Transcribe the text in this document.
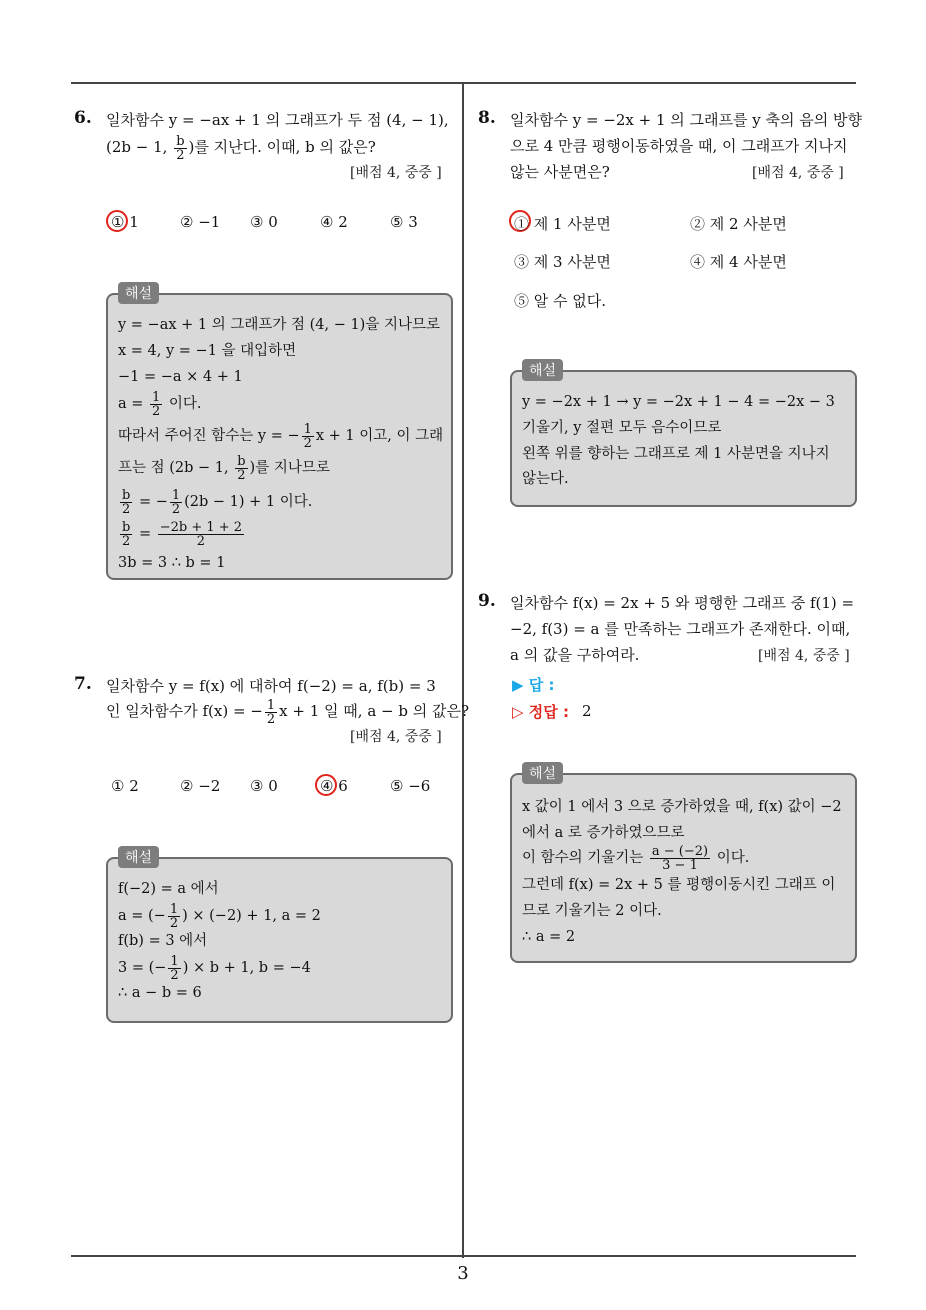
6. 일차함수 y = −ax + 1 의 그래프가 두 점 (4, − 1),
(2b − 1, $\frac{b}{2}$ )를 지난다. 이때, b 의 값은?
[배점 4, 중중 ]
① 1	② −1 ③ 0	④ 2	⑤ 3
y = −ax + 1 의 그래프가 점 (4, − 1)을 지나므로
x = 4, y = −1 을 대입하면
−1 = −a × 4 + 1
$a = \frac{1}{2}$ 이다.
따라서 주어진 함수는 y = − $\frac{1}{2}$ x + 1 이고, 이 그래
프는 점 (2b − 1, $\frac{b}{2}$ )를 지나므로
$\frac{b}{2}$ = − $\frac{1}{2} (2b - 1) + 1$ 이다.
$\frac{b}{2} = \frac{-2b + 1 + 2}{2}$
3b = 3 ∴ b = 1
해설
7. 일차함수 y = f(x) 에 대하여 f(−2) = a, f(b) = 3
인 일차함수가 f(x) = − $\frac{1}{2}$ x + 1 일 때, a − b 의 값은?
[배점 4, 중중 ]
① 2	② −2 ③ 0	④ 6	⑤ −6
f(−2) = a 에서
a = (− $\frac{1}{2}$ ) × (−2) + 1, a = 2
f(b) = 3 에서
3 = (− $\frac{1}{2}$ ) × b + 1, b = −4
∴ a − b = 6
해설
8. 일차함수 y = −2x + 1 의 그래프를 y 축의 음의 방향
으로 4 만큼 평행이동하였을 때, 이 그래프가 지나지
않는 사분면은?	[배점 4, 중중 ]
① 제 1 사분면	② 제 2 사분면
③ 제 3 사분면	④ 제 4 사분면
⑤ 알 수 없다.
y = −2x + 1 → y = −2x + 1 − 4 = −2x − 3
기울기, y 절편 모두 음수이므로
왼쪽 위를 향하는 그래프로 제 1 사분면을 지나지
않는다.
해설
9. 일차함수 f(x) = 2x + 5 와 평행한 그래프 중 f(1) =
−2, f(3) = a 를 만족하는 그래프가 존재한다. 이때,
a 의 값을 구하여라.	[배점 4, 중중 ]
▶ 답 :
▷ 정답 : 2
x 값이 1 에서 3 으로 증가하였을 때, f(x) 값이 −2
에서 a 로 증가하였으므로
이 함수의 기울기는 $\frac{a - (-2)}{3 - 1}$ 이다.
그런데 f(x) = 2x + 5 를 평행이동시킨 그래프 이
므로 기울기는 2 이다.
∴ a = 2
해설
3
